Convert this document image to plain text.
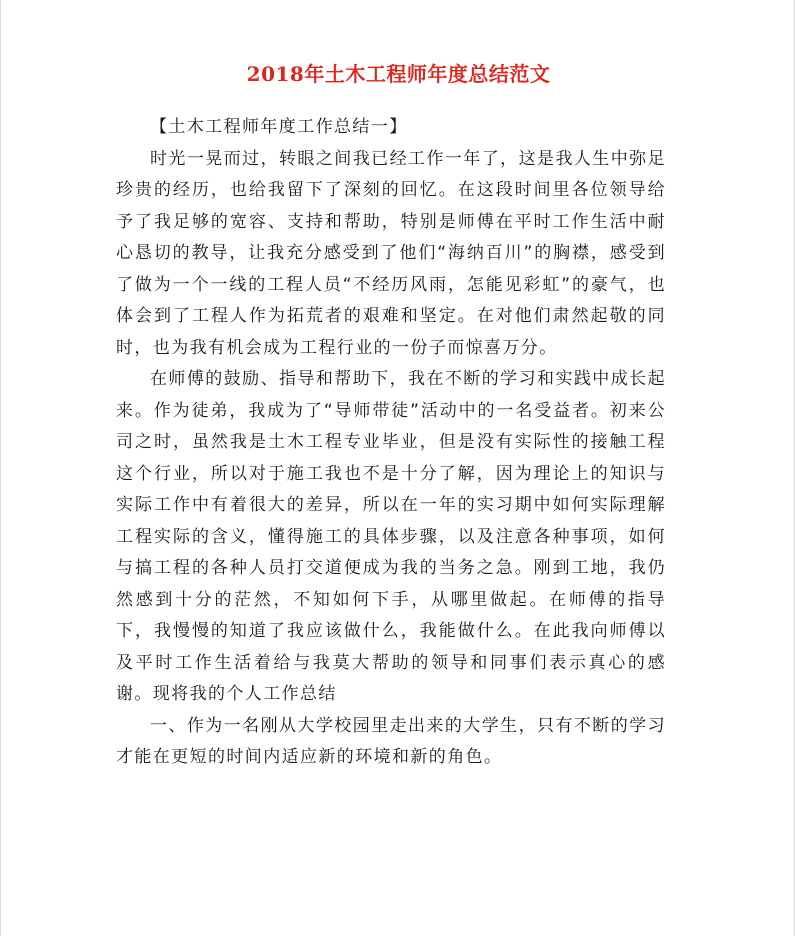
2018年土木工程师年度总结范文

【土木工程师年度工作总结一】

时光一晃而过，转眼之间我已经工作一年了，这是我人生中弥足珍贵的经历，也给我留下了深刻的回忆。在这段时间里各位领导给予了我足够的宽容、支持和帮助，特别是师傅在平时工作生活中耐心恳切的教导，让我充分感受到了他们“海纳百川”的胸襟，感受到了做为一个一线的工程人员“不经历风雨，怎能见彩虹”的豪气，也体会到了工程人作为拓荒者的艰难和坚定。在对他们肃然起敬的同时，也为我有机会成为工程行业的一份子而惊喜万分。

在师傅的鼓励、指导和帮助下，我在不断的学习和实践中成长起来。作为徒弟，我成为了“导师带徒”活动中的一名受益者。初来公司之时，虽然我是土木工程专业毕业，但是没有实际性的接触工程这个行业，所以对于施工我也不是十分了解，因为理论上的知识与实际工作中有着很大的差异，所以在一年的实习期中如何实际理解工程实际的含义，懂得施工的具体步骤，以及注意各种事项，如何与搞工程的各种人员打交道便成为我的当务之急。刚到工地，我仍然感到十分的茫然，不知如何下手，从哪里做起。在师傅的指导下，我慢慢的知道了我应该做什么，我能做什么。在此我向师傅以及平时工作生活着给与我莫大帮助的领导和同事们表示真心的感谢。现将我的个人工作总结

一、作为一名刚从大学校园里走出来的大学生，只有不断的学习才能在更短的时间内适应新的环境和新的角色。
